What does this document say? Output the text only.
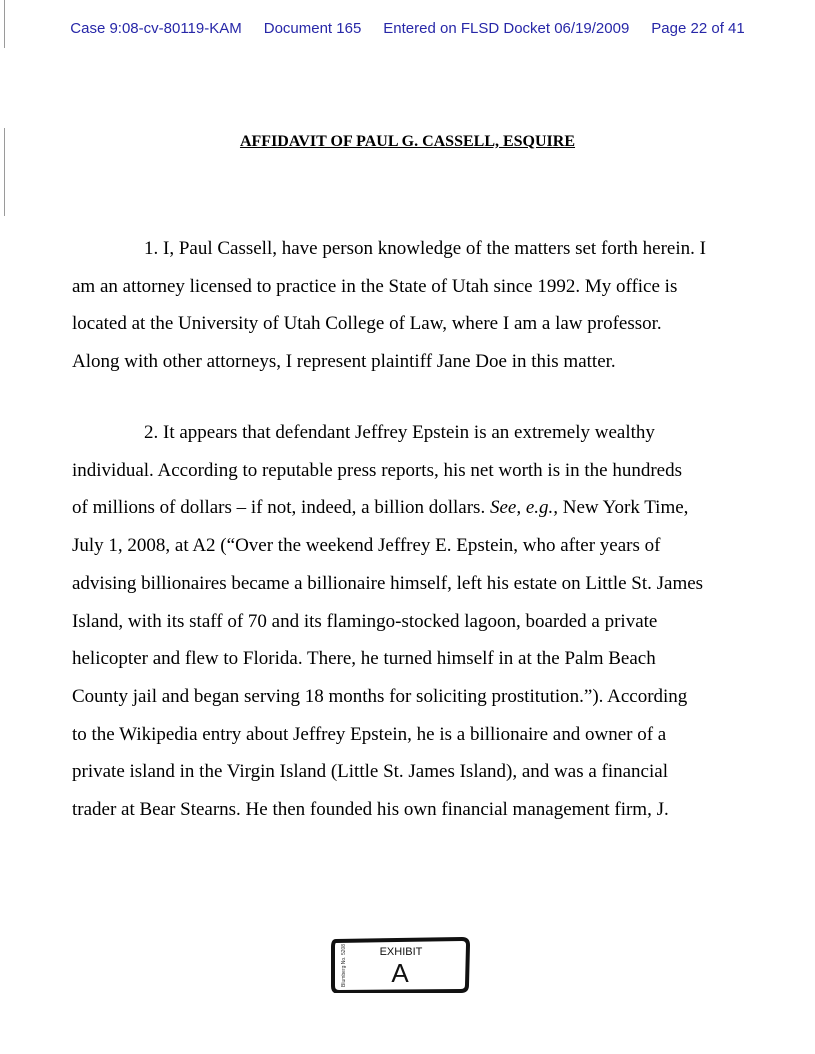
Case 9:08-cv-80119-KAM Document 165 Entered on FLSD Docket 06/19/2009 Page 22 of 41
AFFIDAVIT OF PAUL G. CASSELL, ESQUIRE
1. I, Paul Cassell, have person knowledge of the matters set forth herein. I
am an attorney licensed to practice in the State of Utah since 1992. My office is
located at the University of Utah College of Law, where I am a law professor.
Along with other attorneys, I represent plaintiff Jane Doe in this matter.
2. It appears that defendant Jeffrey Epstein is an extremely wealthy
individual. According to reputable press reports, his net worth is in the hundreds
of millions of dollars – if not, indeed, a billion dollars. See, e.g., New York Time,
July 1, 2008, at A2 (“Over the weekend Jeffrey E. Epstein, who after years of
advising billionaires became a billionaire himself, left his estate on Little St. James
Island, with its staff of 70 and its flamingo-stocked lagoon, boarded a private
helicopter and flew to Florida. There, he turned himself in at the Palm Beach
County jail and began serving 18 months for soliciting prostitution.”). According
to the Wikipedia entry about Jeffrey Epstein, he is a billionaire and owner of a
private island in the Virgin Island (Little St. James Island), and was a financial
trader at Bear Stearns. He then founded his own financial management firm, J.
EXHIBIT
A
Blumberg No. 5208
